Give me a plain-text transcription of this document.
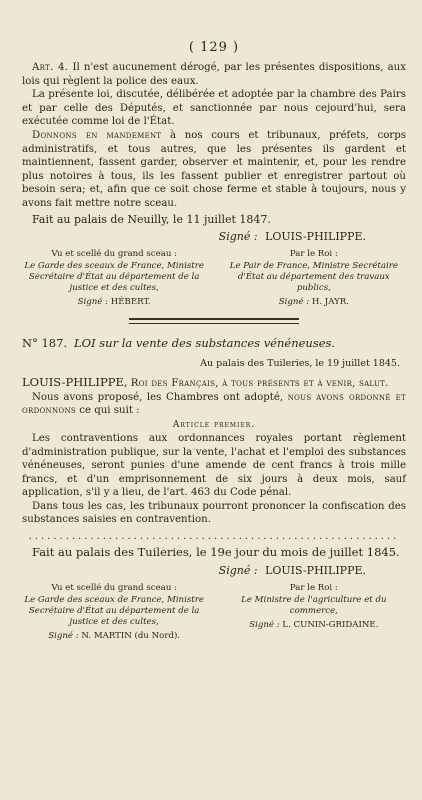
( 129 )

Art. 4. Il n'est aucunement dérogé, par les présentes dispositions, aux lois qui règlent la police des eaux.

La présente loi, discutée, délibérée et adoptée par la chambre des Pairs et par celle des Députés, et sanctionnée par nous cejourd'hui, sera exécutée comme loi de l'État.

Donnons en mandement à nos cours et tribunaux, préfets, corps administratifs, et tous autres, que les présentes ils gardent et maintiennent, fassent garder, observer et maintenir, et, pour les rendre plus notoires à tous, ils les fassent publier et enregistrer partout où besoin sera; et, afin que ce soit chose ferme et stable à toujours, nous y avons fait mettre notre sceau.

Fait au palais de Neuilly, le 11 juillet 1847.

Signé : LOUIS-PHILIPPE.
Vu et scellé du grand sceau :
Le Garde des sceaux de France, Ministre Secrétaire d'État au département de la justice et des cultes,
Signé : HÉBERT.
Par le Roi :
Le Pair de France, Ministre Secrétaire d'État au département des travaux publics,
Signé : H. JAYR.
N° 187. LOI sur la vente des substances vénéneuses.
Au palais des Tuileries, le 19 juillet 1845.

LOUIS-PHILIPPE, Roi des Français, à tous présents et à venir, salut.

Nous avons proposé, les Chambres ont adopté, nous avons ordonné et ordonnons ce qui suit :

Article premier.

Les contraventions aux ordonnances royales portant règlement d'administration publique, sur la vente, l'achat et l'emploi des substances vénéneuses, seront punies d'une amende de cent francs à trois mille francs, et d'un emprisonnement de six jours à deux mois, sauf application, s'il y a lieu, de l'art. 463 du Code pénal.

Dans tous les cas, les tribunaux pourront prononcer la confiscation des substances saisies en contravention.

............................................................

Fait au palais des Tuileries, le 19e jour du mois de juillet 1845.

Signé : LOUIS-PHILIPPE.
Vu et scellé du grand sceau :
Le Garde des sceaux de France, Ministre Secrétaire d'État au département de la justice et des cultes,
Signé : N. MARTIN (du Nord).
Par le Roi :
Le Ministre de l'agriculture et du commerce,
Signé : L. CUNIN-GRIDAINE.
